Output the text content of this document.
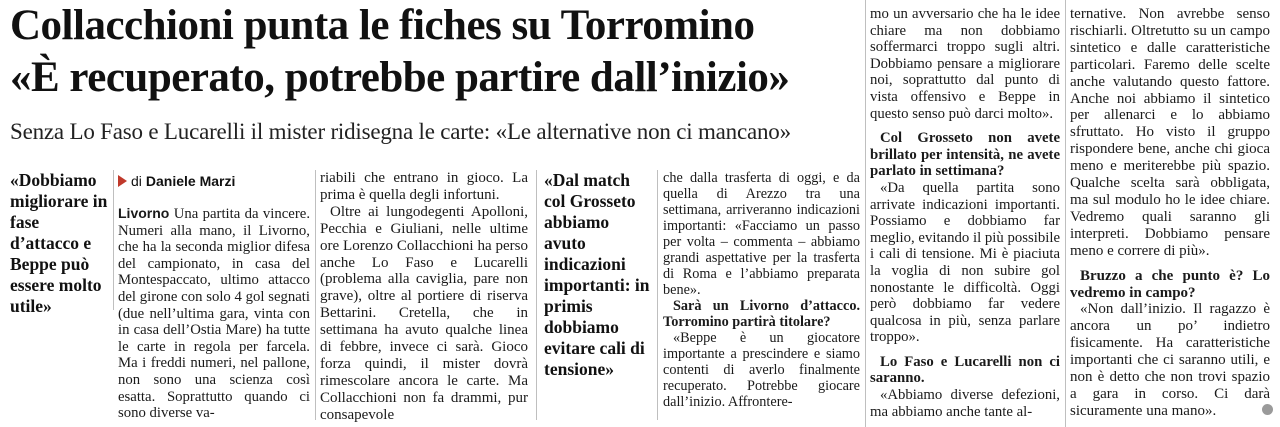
Collacchioni punta le fiches su Torromino
«È recuperato, potrebbe partire dall’inizio»
Senza Lo Faso e Lucarelli il mister ridisegna le carte: «Le alternative non ci mancano»
«Dobbiamo migliorare in fase d’attacco e Beppe può essere molto utile»
di Daniele Marzi

Livorno Una partita da vincere. Numeri alla mano, il Livorno, che ha la seconda miglior difesa del campionato, in casa del Montespaccato, ultimo attacco del girone con solo 4 gol segnati (due nell’ultima gara, vinta con in casa dell’Ostia Mare) ha tutte le carte in regola per farcela. Ma i freddi numeri, nel pallone, non sono una scienza così esatta. Soprattutto quando ci sono diverse va-

riabili che entrano in gioco. La prima è quella degli infortuni.

Oltre ai lungodegenti Apolloni, Pecchia e Giuliani, nelle ultime ore Lorenzo Collacchioni ha perso anche Lo Faso e Lucarelli (problema alla caviglia, pare non grave), oltre al portiere di riserva Bettarini. Cretella, che in settimana ha avuto qualche linea di febbre, invece ci sarà. Gioco forza quindi, il mister dovrà rimescolare ancora le carte. Ma Collacchioni non fa drammi, pur consapevole

«Dal match col Grosseto abbiamo avuto indicazioni importanti: in primis dobbiamo evitare cali di tensione»

che dalla trasferta di oggi, e da quella di Arezzo tra una settimana, arriveranno indicazioni importanti: «Facciamo un passo per volta – commenta – abbiamo grandi aspettative per la trasferta di Roma e l’abbiamo preparata bene».

Sarà un Livorno d’attacco. Torromino partirà titolare?

«Beppe è un giocatore importante a prescindere e siamo contenti di averlo finalmente recuperato. Potrebbe giocare dall’inizio. Affrontere-

mo un avversario che ha le idee chiare ma non dobbiamo soffermarci troppo sugli altri. Dobbiamo pensare a migliorare noi, soprattutto dal punto di vista offensivo e Beppe in questo senso può darci molto».

Col Grosseto non avete brillato per intensità, ne avete parlato in settimana?

«Da quella partita sono arrivate indicazioni importanti. Possiamo e dobbiamo far meglio, evitando il più possibile i cali di tensione. Mi è piaciuta la voglia di non subire gol nonostante le difficoltà. Oggi però dobbiamo far vedere qualcosa in più, senza parlare troppo».

Lo Faso e Lucarelli non ci saranno.

«Abbiamo diverse defezioni, ma abbiamo anche tante al-

ternative. Non avrebbe senso rischiarli. Oltretutto su un campo sintetico e dalle caratteristiche particolari. Faremo delle scelte anche valutando questo fattore. Anche noi abbiamo il sintetico per allenarci e lo abbiamo sfruttato. Ho visto il gruppo rispondere bene, anche chi gioca meno e meriterebbe più spazio. Qualche scelta sarà obbligata, ma sul modulo ho le idee chiare. Vedremo quali saranno gli interpreti. Dobbiamo pensare meno e correre di più».

Bruzzo a che punto è? Lo vedremo in campo?

«Non dall’inizio. Il ragazzo è ancora un po’ indietro fisicamente. Ha caratteristiche importanti che ci saranno utili, e non è detto che non trovi spazio a gara in corso. Ci darà sicuramente una mano».
